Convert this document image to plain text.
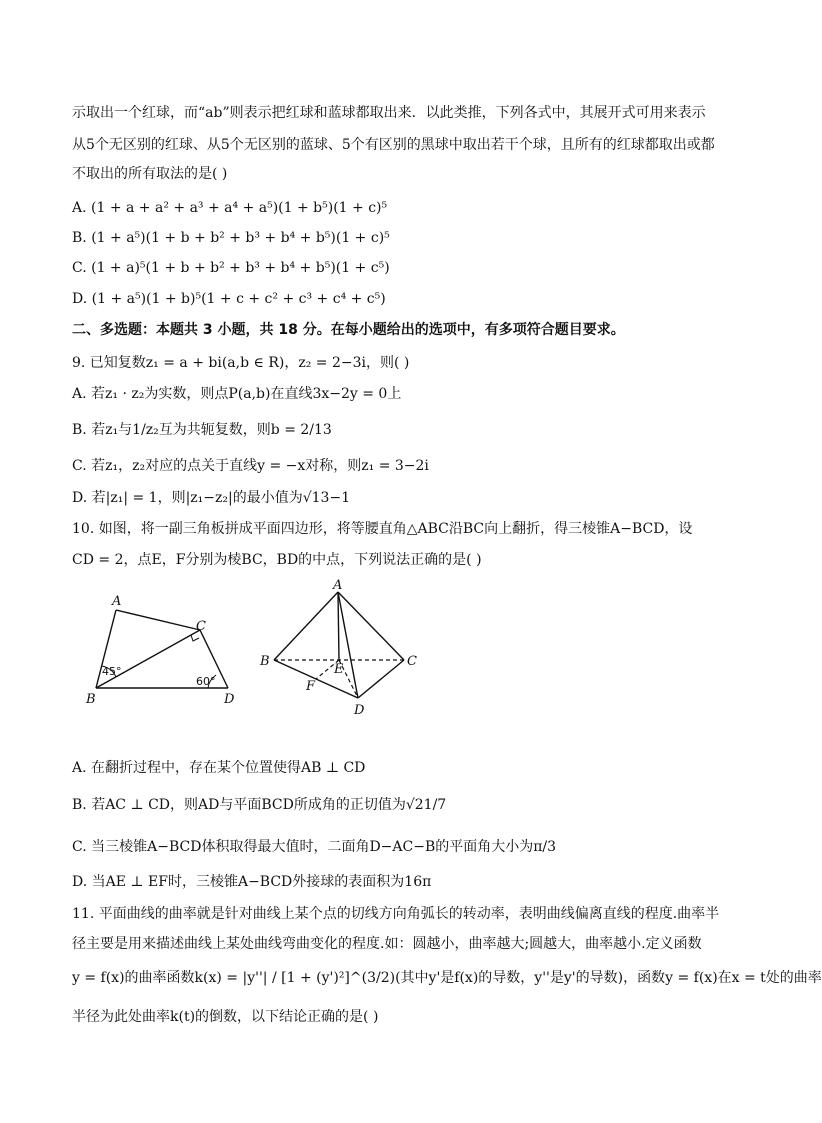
示取出一个红球，而“ab”则表示把红球和蓝球都取出来．以此类推，下列各式中，其展开式可用来表示
从5个无区别的红球、从5个无区别的蓝球、5个有区别的黑球中取出若干个球，且所有的红球都取出或都
不取出的所有取法的是( )
A. (1 + a + a² + a³ + a⁴ + a⁵)(1 + b⁵)(1 + c)⁵
B. (1 + a⁵)(1 + b + b² + b³ + b⁴ + b⁵)(1 + c)⁵
C. (1 + a)⁵(1 + b + b² + b³ + b⁴ + b⁵)(1 + c⁵)
D. (1 + a⁵)(1 + b)⁵(1 + c + c² + c³ + c⁴ + c⁵)
二、多选题：本题共 3 小题，共 18 分。在每小题给出的选项中，有多项符合题目要求。
9. 已知复数z₁ = a + bi(a,b ∈ R)，z₂ = 2−3i，则( )
A. 若z₁ · z₂为实数，则点P(a,b)在直线3x−2y = 0上
B. 若z₁与1/z₂互为共轭复数，则b = 2/13
C. 若z₁，z₂对应的点关于直线y = −x对称，则z₁ = 3−2i
D. 若|z₁| = 1，则|z₁−z₂|的最小值为√13−1
10. 如图，将一副三角板拼成平面四边形，将等腰直角△ABC沿BC向上翻折，得三棱锥A−BCD，设
CD = 2，点E，F分别为棱BC，BD的中点，下列说法正确的是( )
A
C
B	D
45°
60°
A
B	C
D
E
F
A. 在翻折过程中，存在某个位置使得AB ⊥ CD
B. 若AC ⊥ CD，则AD与平面BCD所成角的正切值为√21/7
C. 当三棱锥A−BCD体积取得最大值时，二面角D−AC−B的平面角大小为π/3
D. 当AE ⊥ EF时，三棱锥A−BCD外接球的表面积为16π
11. 平面曲线的曲率就是针对曲线上某个点的切线方向角弧长的转动率，表明曲线偏离直线的程度.曲率半
径主要是用来描述曲线上某处曲线弯曲变化的程度.如：圆越小，曲率越大;圆越大，曲率越小.定义函数
y = f(x)的曲率函数k(x) = |y''| / [1 + (y')²]^(3/2)(其中y'是f(x)的导数，y''是y'的导数)，函数y = f(x)在x = t处的曲率
半径为此处曲率k(t)的倒数，以下结论正确的是( )
